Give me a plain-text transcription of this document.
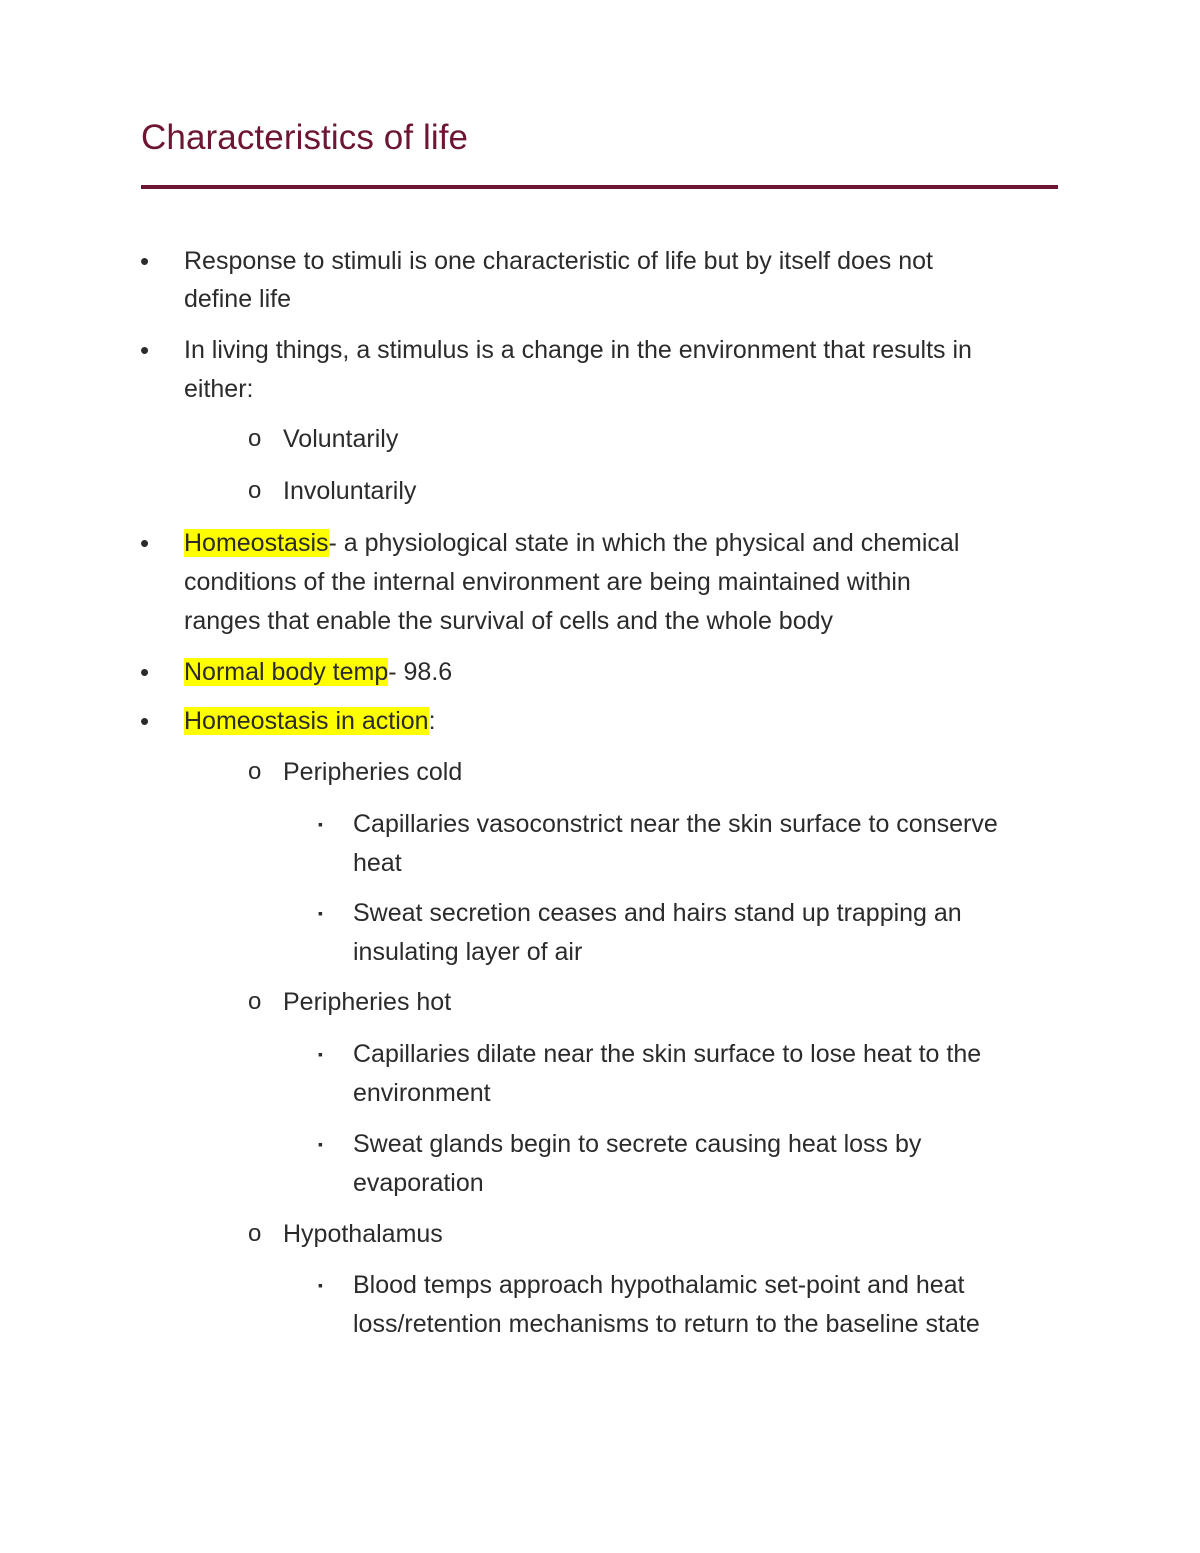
Characteristics of life
• Response to stimuli is one characteristic of life but by itself does not
define life
• In living things, a stimulus is a change in the environment that results in
either:
o Voluntarily
o Involuntarily
• Homeostasis- a physiological state in which the physical and chemical
conditions of the internal environment are being maintained within
ranges that enable the survival of cells and the whole body
• Normal body temp- 98.6
• Homeostasis in action:
o Peripheries cold
▪ Capillaries vasoconstrict near the skin surface to conserve
heat
▪ Sweat secretion ceases and hairs stand up trapping an
insulating layer of air
o Peripheries hot
▪ Capillaries dilate near the skin surface to lose heat to the
environment
▪ Sweat glands begin to secrete causing heat loss by
evaporation
o Hypothalamus
▪ Blood temps approach hypothalamic set-point and heat
loss/retention mechanisms to return to the baseline state
